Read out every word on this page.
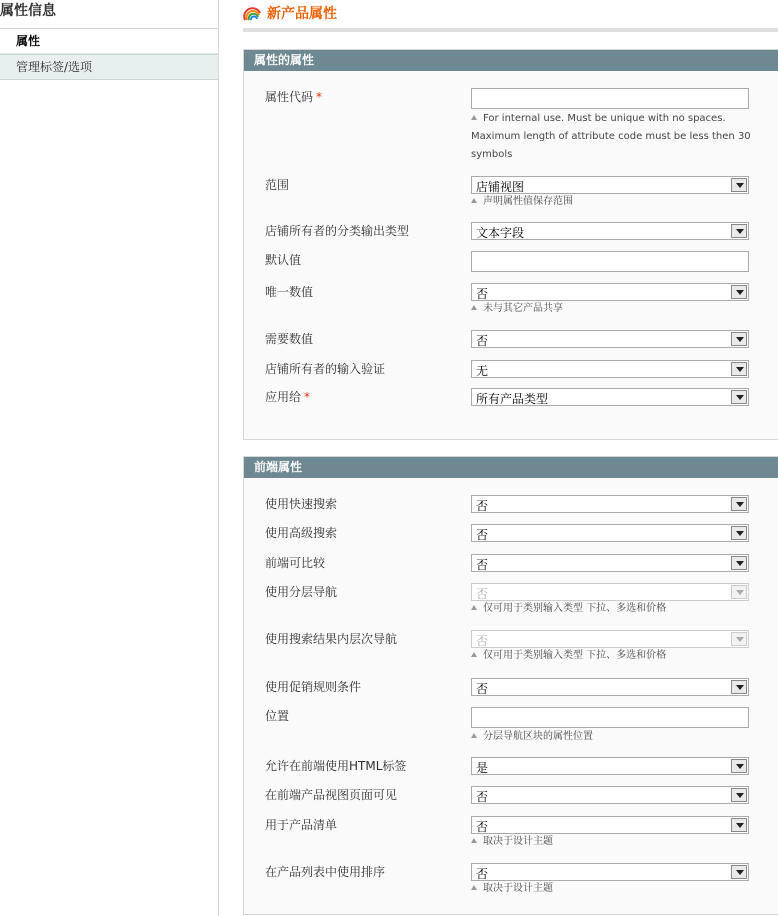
属性信息
属性
管理标签/选项
新产品属性
属性的属性
属性代码 *
For internal use. Must be unique with no spaces. Maximum length of attribute code must be less then 30 symbols
范围	店铺视图
声明属性值保存范围
店铺所有者的分类输出类型	文本字段
默认值
唯一数值	否
未与其它产品共享
需要数值	否
店铺所有者的输入验证	无
应用给 *	所有产品类型
前端属性
使用快速搜索	否
使用高级搜索	否
前端可比较	否
使用分层导航	否
仅可用于类别输入类型 下拉、多选和价格
使用搜索结果内层次导航	否
仅可用于类别输入类型 下拉、多选和价格
使用促销规则条件	否
位置
分层导航区块的属性位置
允许在前端使用HTML标签	是
在前端产品视图页面可见	否
用于产品清单	否
取决于设计主题
在产品列表中使用排序	否
取决于设计主题
